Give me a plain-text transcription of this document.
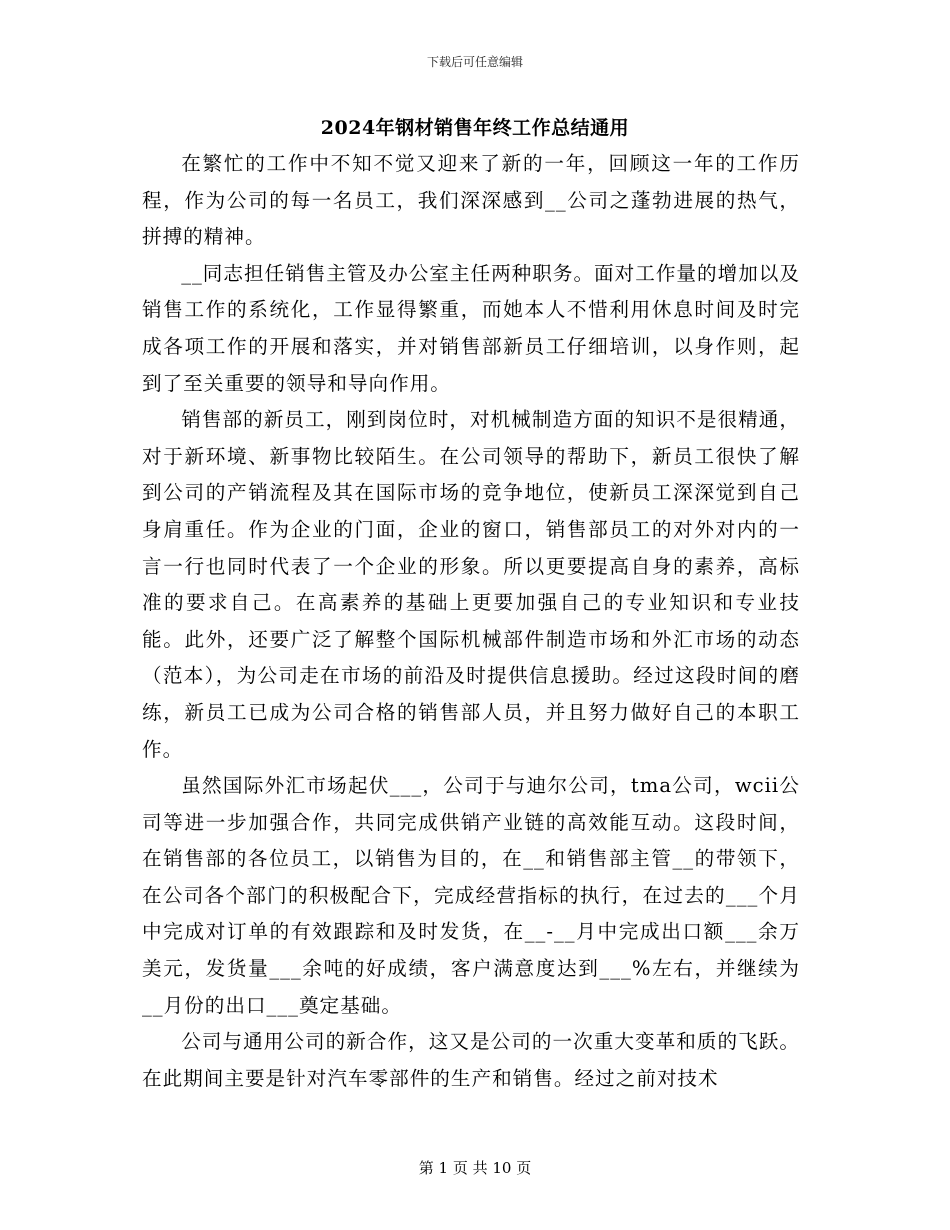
下载后可任意编辑
2024年钢材销售年终工作总结通用

在繁忙的工作中不知不觉又迎来了新的一年，回顾这一年的工作历程，作为公司的每一名员工，我们深深感到__公司之蓬勃进展的热气，拼搏的精神。

__同志担任销售主管及办公室主任两种职务。面对工作量的增加以及销售工作的系统化，工作显得繁重，而她本人不惜利用休息时间及时完成各项工作的开展和落实，并对销售部新员工仔细培训，以身作则，起到了至关重要的领导和导向作用。

销售部的新员工，刚到岗位时，对机械制造方面的知识不是很精通，对于新环境、新事物比较陌生。在公司领导的帮助下，新员工很快了解到公司的产销流程及其在国际市场的竞争地位，使新员工深深觉到自己身肩重任。作为企业的门面，企业的窗口，销售部员工的对外对内的一言一行也同时代表了一个企业的形象。所以更要提高自身的素养，高标准的要求自己。在高素养的基础上更要加强自己的专业知识和专业技能。此外，还要广泛了解整个国际机械部件制造市场和外汇市场的动态（范本），为公司走在市场的前沿及时提供信息援助。经过这段时间的磨练，新员工已成为公司合格的销售部人员，并且努力做好自己的本职工作。

虽然国际外汇市场起伏___，公司于与迪尔公司，tma公司，wcii公司等进一步加强合作，共同完成供销产业链的高效能互动。这段时间，在销售部的各位员工，以销售为目的，在__和销售部主管__的带领下，在公司各个部门的积极配合下，完成经营指标的执行，在过去的___个月中完成对订单的有效跟踪和及时发货，在__-__月中完成出口额___余万美元，发货量___余吨的好成绩，客户满意度达到___%左右，并继续为__月份的出口___奠定基础。

公司与通用公司的新合作，这又是公司的一次重大变革和质的飞跃。在此期间主要是针对汽车零部件的生产和销售。经过之前对技术

第 1 页 共 10 页
